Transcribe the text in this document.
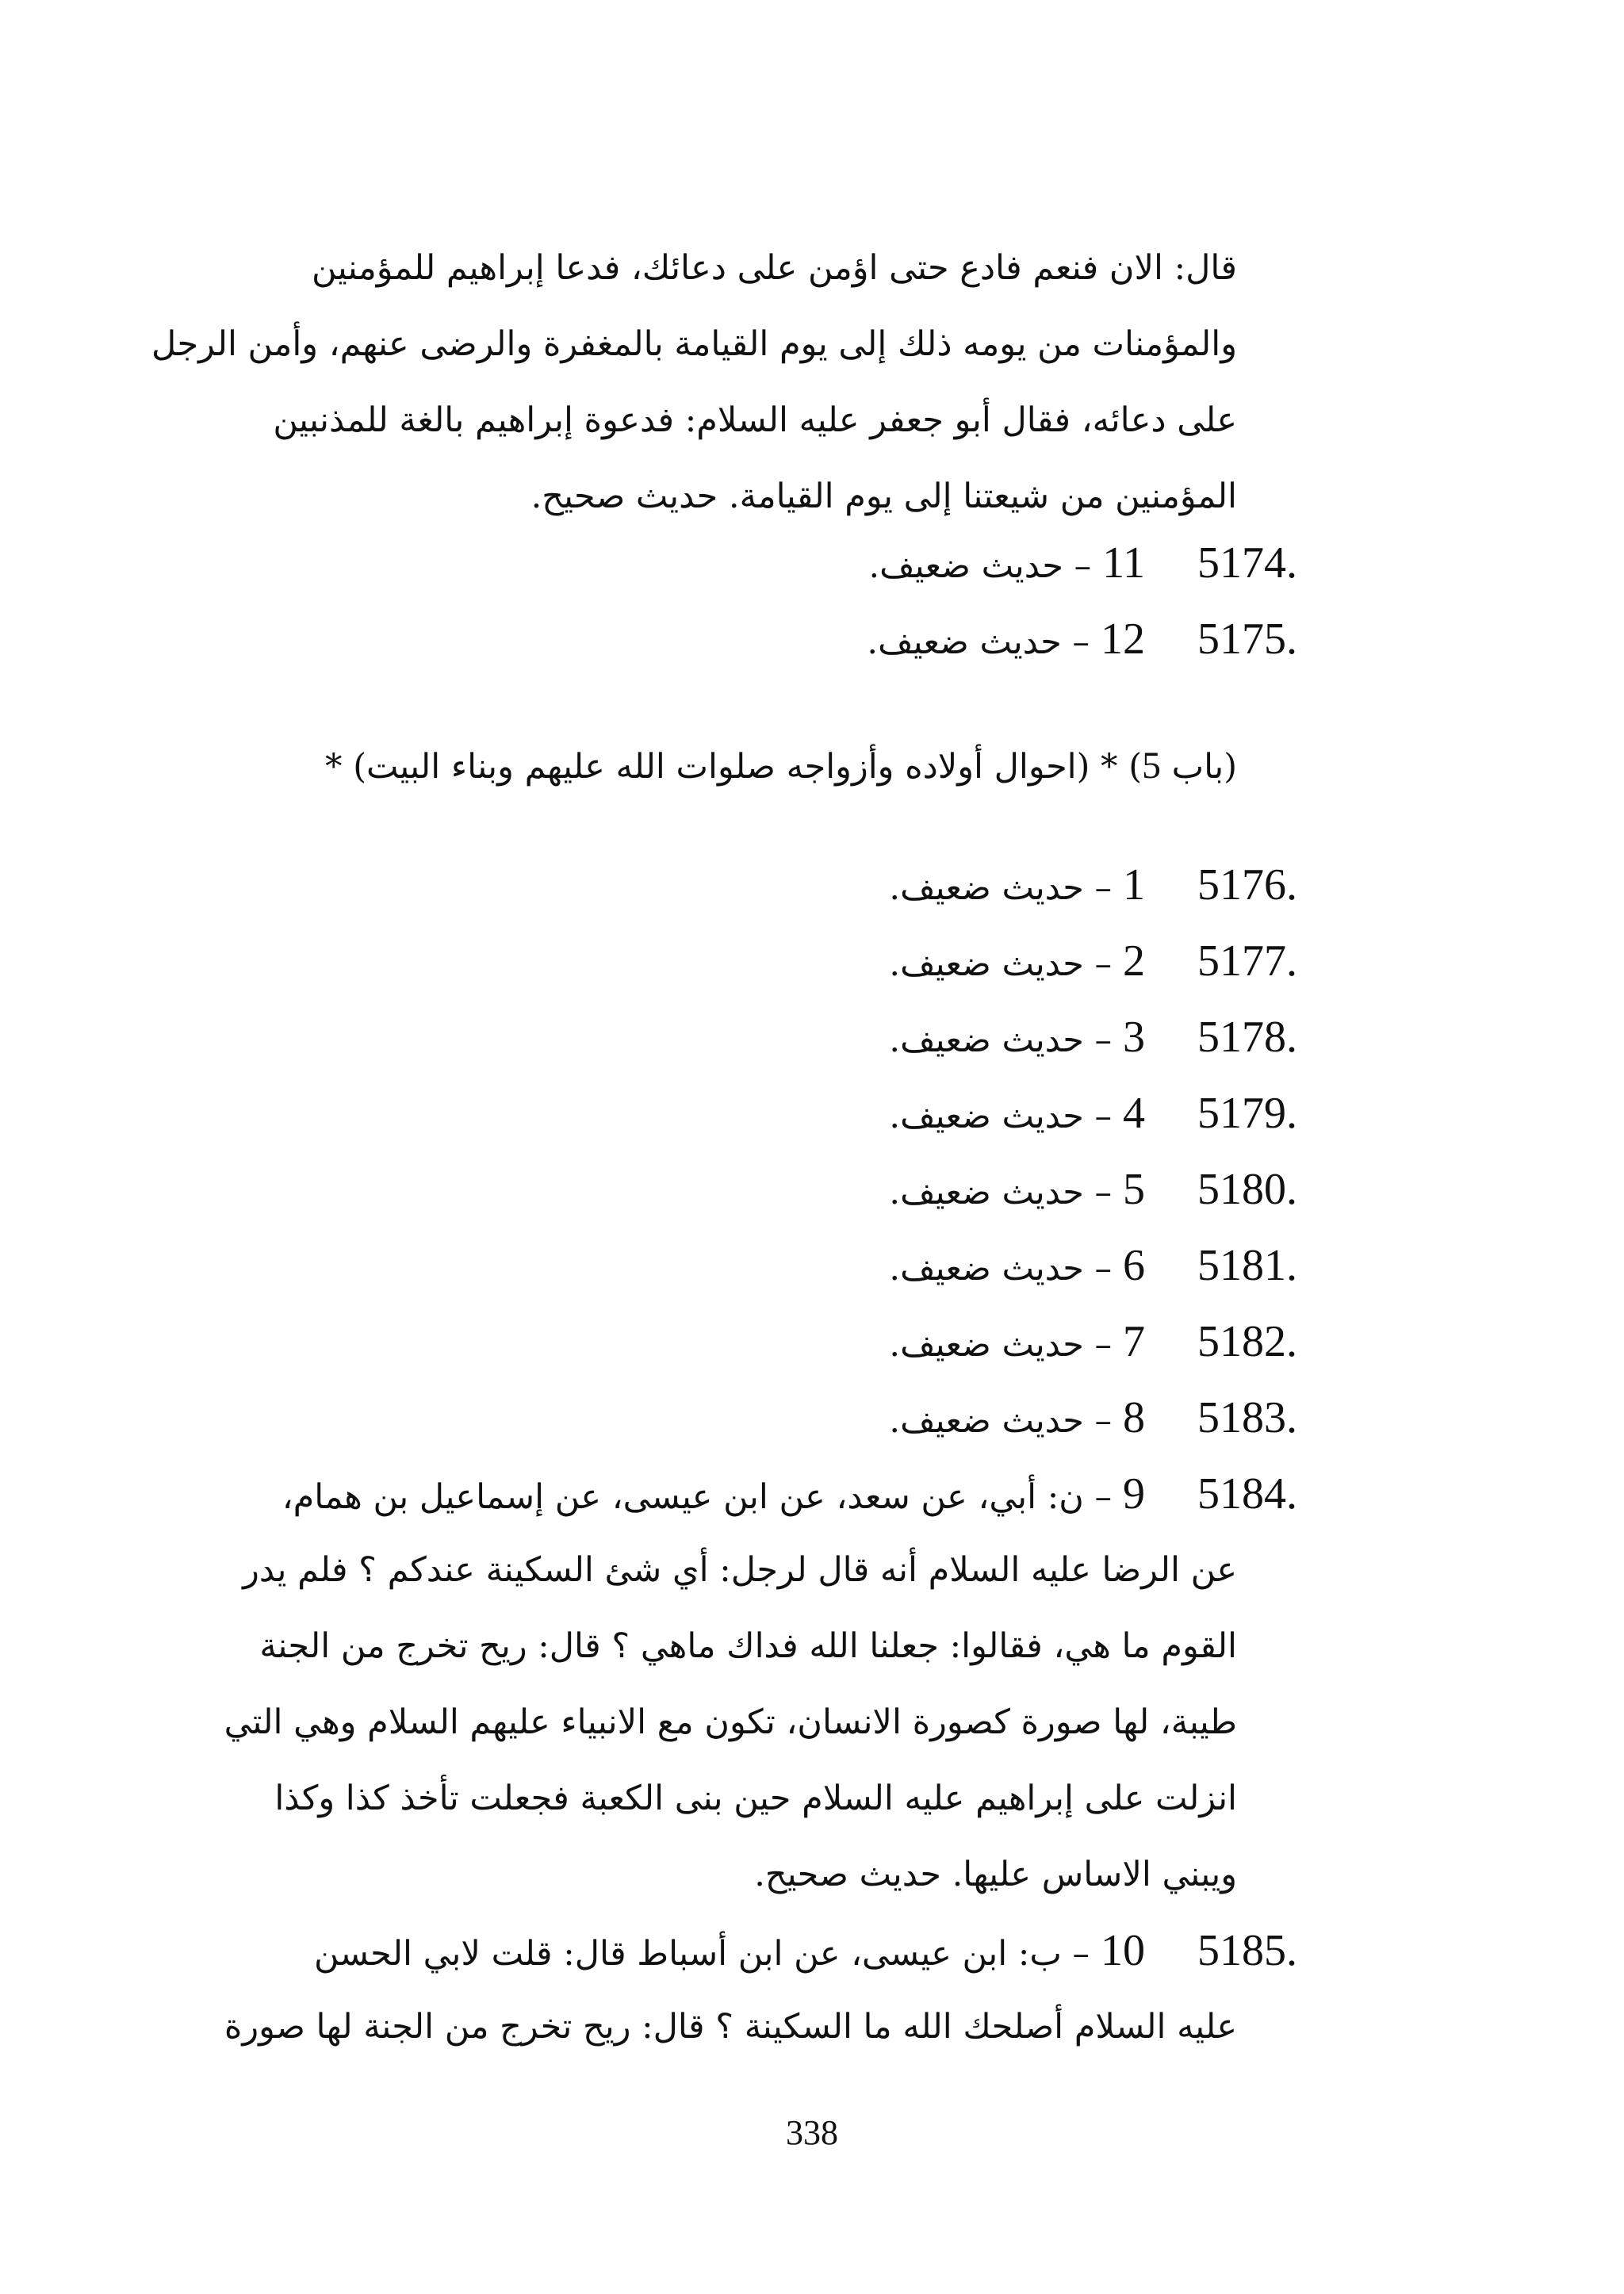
قال: الان فنعم فادع حتى اؤمن على دعائك، فدعا إبراهيم للمؤمنين
والمؤمنات من يومه ذلك إلى يوم القيامة بالمغفرة والرضى عنهم، وأمن الرجل
على دعائه، فقال أبو جعفر عليه السلام: فدعوة إبراهيم بالغة للمذنبين
المؤمنين من شيعتنا إلى يوم القيامة. حديث صحيح.
5174.
11
– حديث ضعيف.
5175.
12
– حديث ضعيف.
(باب 5) * (احوال أولاده وأزواجه صلوات الله عليهم وبناء البيت) *
5176.
1
– حديث ضعيف.
5177.
2
– حديث ضعيف.
5178.
3
– حديث ضعيف.
5179.
4
– حديث ضعيف.
5180.
5
– حديث ضعيف.
5181.
6
– حديث ضعيف.
5182.
7
– حديث ضعيف.
5183.
8
– حديث ضعيف.
5184.
9
– ن: أبي، عن سعد، عن ابن عيسى، عن إسماعيل بن همام،
عن الرضا عليه السلام أنه قال لرجل: أي شئ السكينة عندكم ؟ فلم يدر
القوم ما هي، فقالوا: جعلنا الله فداك ماهي ؟ قال: ريح تخرج من الجنة
طيبة، لها صورة كصورة الانسان، تكون مع الانبياء عليهم السلام وهي التي
انزلت على إبراهيم عليه السلام حين بنى الكعبة فجعلت تأخذ كذا وكذا
ويبني الاساس عليها. حديث صحيح.
5185.
10
– ب: ابن عيسى، عن ابن أسباط قال: قلت لابي الحسن
عليه السلام أصلحك الله ما السكينة ؟ قال: ريح تخرج من الجنة لها صورة
338
